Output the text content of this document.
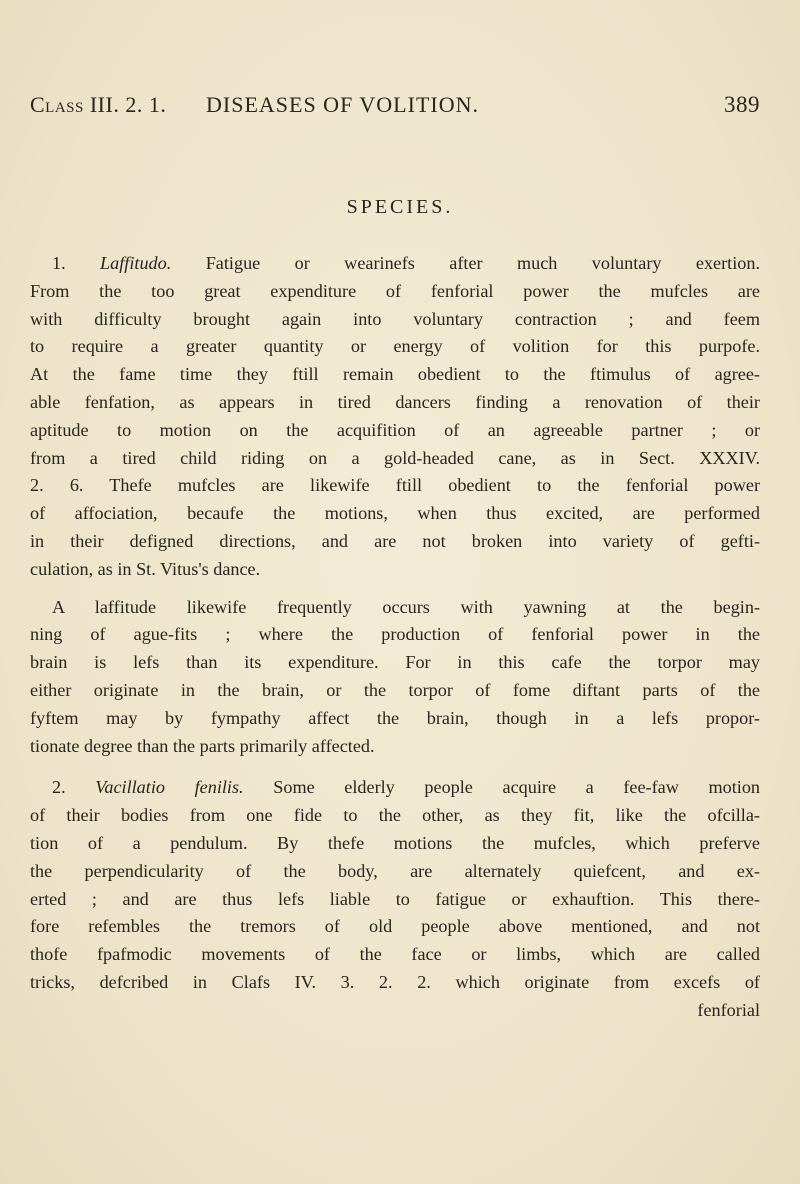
Class III. 2. 1. DISEASES OF VOLITION.	389
SPECIES.
1. Laffitudo. Fatigue or wearinefs after much voluntary exertion.
From the too great expenditure of fenforial power the mufcles are
with difficulty brought again into voluntary contraction ; and feem
to require a greater quantity or energy of volition for this purpofe.
At the fame time they ftill remain obedient to the ftimulus of agree-
able fenfation, as appears in tired dancers finding a renovation of their
aptitude to motion on the acquifition of an agreeable partner ; or
from a tired child riding on a gold-headed cane, as in Sect. XXXIV.
2. 6. Thefe mufcles are likewife ftill obedient to the fenforial power
of affociation, becaufe the motions, when thus excited, are performed
in their defigned directions, and are not broken into variety of gefti-
culation, as in St. Vitus's dance.
A laffitude likewife frequently occurs with yawning at the begin-
ning of ague-fits ; where the production of fenforial power in the
brain is lefs than its expenditure. For in this cafe the torpor may
either originate in the brain, or the torpor of fome diftant parts of the
fyftem may by fympathy affect the brain, though in a lefs propor-
tionate degree than the parts primarily affected.
2. Vacillatio fenilis. Some elderly people acquire a fee-faw motion
of their bodies from one fide to the other, as they fit, like the ofcilla-
tion of a pendulum. By thefe motions the mufcles, which preferve
the perpendicularity of the body, are alternately quiefcent, and ex-
erted ; and are thus lefs liable to fatigue or exhauftion. This there-
fore refembles the tremors of old people above mentioned, and not
thofe fpafmodic movements of the face or limbs, which are called
tricks, defcribed in Clafs IV. 3. 2. 2. which originate from excefs of
fenforial
